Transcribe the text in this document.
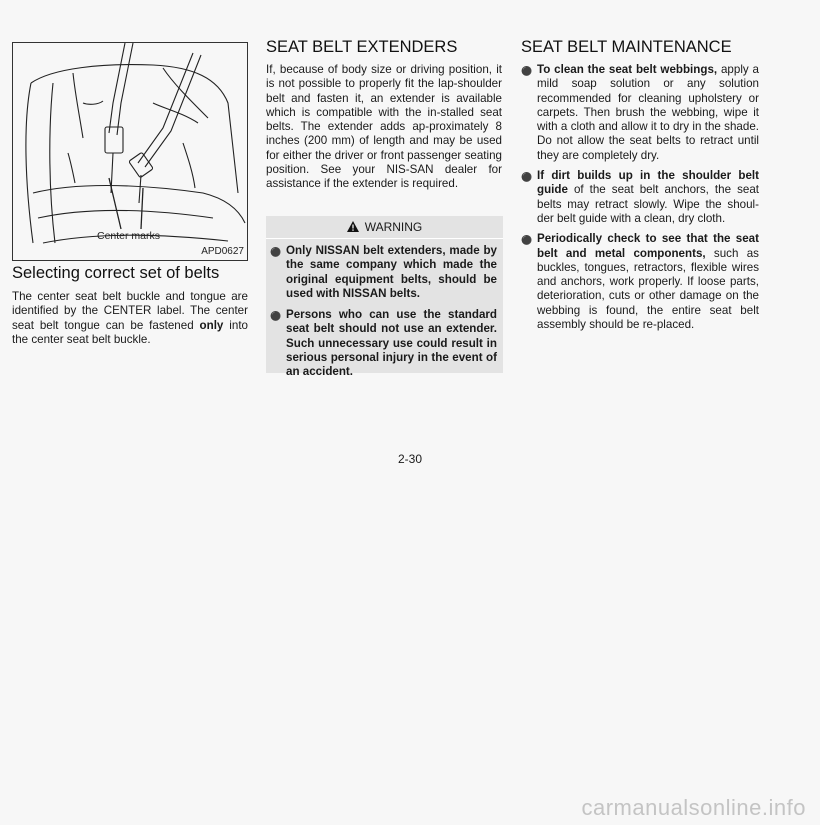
Center marks
APD0627
Selecting correct set of belts

The center seat belt buckle and tongue are identified by the CENTER label. The center seat belt tongue can be fastened only into the center seat belt buckle.

SEAT BELT EXTENDERS

If, because of body size or driving position, it is not possible to properly fit the lap-shoulder belt and fasten it, an extender is available which is compatible with the in-stalled seat belts. The extender adds ap-proximately 8 inches (200 mm) of length and may be used for either the driver or front passenger seating position. See your NIS-SAN dealer for assistance if the extender is required.

WARNING
⚫ Only NISSAN belt extenders, made by the same company which made the original equipment belts, should be used with NISSAN belts.
⚫ Persons who can use the standard seat belt should not use an extender. Such unnecessary use could result in serious personal injury in the event of an accident.
SEAT BELT MAINTENANCE
⚫ To clean the seat belt webbings, apply a mild soap solution or any solution recommended for cleaning upholstery or carpets. Then brush the webbing, wipe it with a cloth and allow it to dry in the shade. Do not allow the seat belts to retract until they are completely dry.
⚫ If dirt builds up in the shoulder belt guide of the seat belt anchors, the seat belts may retract slowly. Wipe the shoul-der belt guide with a clean, dry cloth.
⚫ Periodically check to see that the seat belt and metal components, such as buckles, tongues, retractors, flexible wires and anchors, work properly. If loose parts, deterioration, cuts or other damage on the webbing is found, the entire seat belt assembly should be re-placed.
2-30
carmanualsonline.info
